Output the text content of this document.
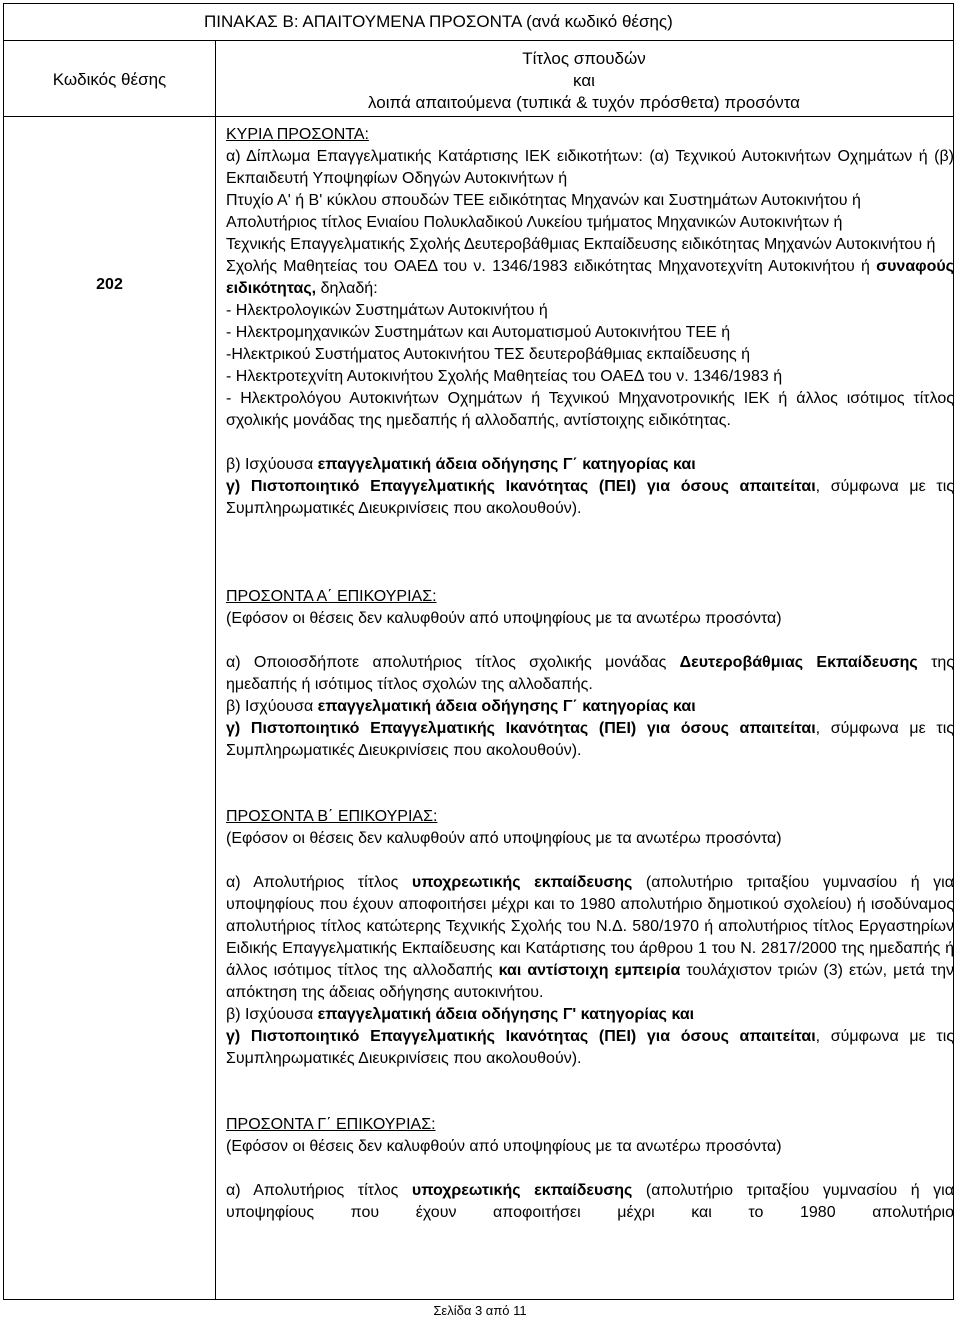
ΠΙΝΑΚΑΣ Β: ΑΠΑΙΤΟΥΜΕΝΑ ΠΡΟΣΟΝΤΑ (ανά κωδικό θέσης)
Κωδικός θέσης
Τίτλος σπουδών
και
λοιπά απαιτούμενα (τυπικά & τυχόν πρόσθετα) προσόντα
202

ΚΥΡΙΑ ΠΡΟΣΟΝΤΑ:

α) Δίπλωμα Επαγγελματικής Κατάρτισης ΙΕΚ ειδικοτήτων: (α) Τεχνικού Αυτοκινήτων Οχημάτων ή (β) Εκπαιδευτή Υποψηφίων Οδηγών Αυτοκινήτων ή

Πτυχίο Α' ή Β' κύκλου σπουδών ΤΕΕ ειδικότητας Μηχανών και Συστημάτων Αυτοκινήτου ή

Απολυτήριος τίτλος Ενιαίου Πολυκλαδικού Λυκείου τμήματος Μηχανικών Αυτοκινήτων ή

Τεχνικής Επαγγελματικής Σχολής Δευτεροβάθμιας Εκπαίδευσης ειδικότητας Μηχανών Αυτοκινήτου ή

Σχολής Μαθητείας του ΟΑΕΔ του ν. 1346/1983 ειδικότητας Μηχανοτεχνίτη Αυτοκινήτου ή συναφούς ειδικότητας, δηλαδή:

- Ηλεκτρολογικών Συστημάτων Αυτοκινήτου ή

- Ηλεκτρομηχανικών Συστημάτων και Αυτοματισμού Αυτοκινήτου ΤΕΕ ή

-Ηλεκτρικού Συστήματος Αυτοκινήτου ΤΕΣ δευτεροβάθμιας εκπαίδευσης ή

- Ηλεκτροτεχνίτη Αυτοκινήτου Σχολής Μαθητείας του ΟΑΕΔ του ν. 1346/1983 ή

- Ηλεκτρολόγου Αυτοκινήτων Οχημάτων ή Τεχνικού Μηχανοτρονικής ΙΕΚ ή άλλος ισότιμος τίτλος σχολικής μονάδας της ημεδαπής ή αλλοδαπής, αντίστοιχης ειδικότητας.

β) Ισχύουσα επαγγελματική άδεια οδήγησης Γ΄ κατηγορίας και

γ) Πιστοποιητικό Επαγγελματικής Ικανότητας (ΠΕΙ) για όσους απαιτείται, σύμφωνα με τις Συμπληρωματικές Διευκρινίσεις που ακολουθούν).

ΠΡΟΣΟΝΤΑ Α΄ ΕΠΙΚΟΥΡΙΑΣ:

(Εφόσον οι θέσεις δεν καλυφθούν από υποψηφίους με τα ανωτέρω προσόντα)

α) Οποιοσδήποτε απολυτήριος τίτλος σχολικής μονάδας Δευτεροβάθμιας Εκπαίδευσης της ημεδαπής ή ισότιμος τίτλος σχολών της αλλοδαπής.

β) Ισχύουσα επαγγελματική άδεια οδήγησης Γ΄ κατηγορίας και

γ) Πιστοποιητικό Επαγγελματικής Ικανότητας (ΠΕΙ) για όσους απαιτείται, σύμφωνα με τις Συμπληρωματικές Διευκρινίσεις που ακολουθούν).

ΠΡΟΣΟΝΤΑ Β΄ ΕΠΙΚΟΥΡΙΑΣ:

(Εφόσον οι θέσεις δεν καλυφθούν από υποψηφίους με τα ανωτέρω προσόντα)

α) Απολυτήριος τίτλος υποχρεωτικής εκπαίδευσης (απολυτήριο τριταξίου γυμνασίου ή για υποψηφίους που έχουν αποφοιτήσει μέχρι και το 1980 απολυτήριο δημοτικού σχολείου) ή ισοδύναμος απολυτήριος τίτλος κατώτερης Τεχνικής Σχολής του Ν.Δ. 580/1970 ή απολυτήριος τίτλος Εργαστηρίων Ειδικής Επαγγελματικής Εκπαίδευσης και Κατάρτισης του άρθρου 1 του Ν. 2817/2000 της ημεδαπής ή άλλος ισότιμος τίτλος της αλλοδαπής και αντίστοιχη εμπειρία τουλάχιστον τριών (3) ετών, μετά την απόκτηση της άδειας οδήγησης αυτοκινήτου.

β) Ισχύουσα επαγγελματική άδεια οδήγησης Γ' κατηγορίας και

γ) Πιστοποιητικό Επαγγελματικής Ικανότητας (ΠΕΙ) για όσους απαιτείται, σύμφωνα με τις Συμπληρωματικές Διευκρινίσεις που ακολουθούν).

ΠΡΟΣΟΝΤΑ Γ΄ ΕΠΙΚΟΥΡΙΑΣ:

(Εφόσον οι θέσεις δεν καλυφθούν από υποψηφίους με τα ανωτέρω προσόντα)

α) Απολυτήριος τίτλος υποχρεωτικής εκπαίδευσης (απολυτήριο τριταξίου γυμνασίου ή για υποψηφίους που έχουν αποφοιτήσει μέχρι και το 1980 απολυτήριο

Σελίδα 3 από 11
